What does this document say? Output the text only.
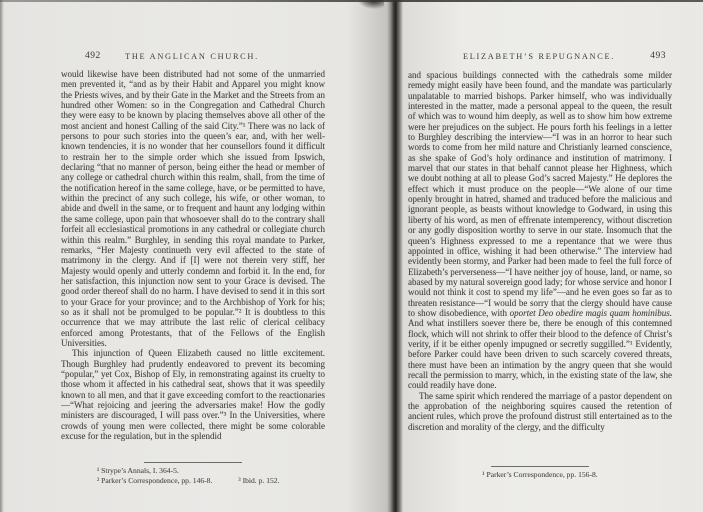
492	THE ANGLICAN CHURCH.

would likewise have been distributed had not some of the unmarried men prevented it, “and as by their Habit and Apparel you might know the Priests wives, and by their Gate in the Market and the Streets from an hundred other Women: so in the Congregation and Cathedral Church they were easy to be known by placing themselves above all other of the most ancient and honest Calling of the said City.”¹ There was no lack of persons to pour such stories into the queen’s ear, and, with her well-known tendencies, it is no wonder that her counsellors found it difficult to restrain her to the simple order which she issued from Ipswich, declaring “that no manner of person, being either the head or member of any college or cathedral church within this realm, shall, from the time of the notification hereof in the same college, have, or be permitted to have, within the precinct of any such college, his wife, or other woman, to abide and dwell in the same, or to frequent and haunt any lodging within the same college, upon pain that whosoever shall do to the contrary shall forfeit all ecclesiastical promotions in any cathedral or collegiate church within this realm.” Burghley, in sending this royal mandate to Parker, remarks, “Her Majesty continueth very evil affected to the state of matrimony in the clergy. And if [I] were not therein very stiff, her Majesty would openly and utterly condemn and forbid it. In the end, for her satisfaction, this injunction now sent to your Grace is devised. The good order thereof shall do no harm. I have devised to send it in this sort to your Grace for your province; and to the Archbishop of York for his; so as it shall not be promulged to be popular.”² It is doubtless to this occurrence that we may attribute the last relic of clerical celibacy enforced among Protestants, that of the Fellows of the English Universities.

This injunction of Queen Elizabeth caused no little excitement. Though Burghley had prudently endeavored to prevent its becoming “popular,” yet Cox, Bishop of Ely, in remonstrating against its cruelty to those whom it affected in his cathedral seat, shows that it was speedily known to all men, and that it gave exceeding comfort to the reactionaries—“What rejoicing and jeering the adversaries make! How the godly ministers are discouraged, I will pass over.”³ In the Universities, where crowds of young men were collected, there might be some colorable excuse for the regulation, but in the splendid

¹ Strype’s Annals, I. 364-5.
² Parker’s Correspondence, pp. 146-8.	³ Ibid. p. 152.
ELIZABETH’S REPUGNANCE.	493

and spacious buildings connected with the cathedrals some milder remedy might easily have been found, and the mandate was particularly unpalatable to married bishops. Parker himself, who was individually interested in the matter, made a personal appeal to the queen, the result of which was to wound him deeply, as well as to show him how extreme were her prejudices on the subject. He pours forth his feelings in a letter to Burghley describing the interview—“I was in an horror to hear such words to come from her mild nature and Christianly learned conscience, as she spake of God’s holy ordinance and institution of matrimony. I marvel that our states in that behalf cannot please her Highness, which we doubt nothing at all to please God’s sacred Majesty.” He deplores the effect which it must produce on the people—“We alone of our time openly brought in hatred, shamed and traduced before the malicious and ignorant people, as beasts without knowledge to Godward, in using this liberty of his word, as men of effrenate intemperency, without discretion or any godly disposition worthy to serve in our state. Insomuch that the queen’s Highness expressed to me a repentance that we were thus appointed in office, wishing it had been otherwise.” The interview had evidently been stormy, and Parker had been made to feel the full force of Elizabeth’s perverseness—“I have neither joy of house, land, or name, so abased by my natural sovereign good lady; for whose service and honor I would not think it cost to spend my life”—and he even goes so far as to threaten resistance—“I would be sorry that the clergy should have cause to show disobedience, with oportet Deo obedire magis quam hominibus. And what instillers soever there be, there be enough of this contemned flock, which will not shrink to offer their blood to the defence of Christ’s verity, if it be either openly impugned or secretly suggilled.”¹ Evidently, before Parker could have been driven to such scarcely covered threats, there must have been an intimation by the angry queen that she would recall the permission to marry, which, in the existing state of the law, she could readily have done.

The same spirit which rendered the marriage of a pastor dependent on the approbation of the neighboring squires caused the retention of ancient rules, which prove the profound distrust still entertained as to the discretion and morality of the clergy, and the difficulty

¹ Parker’s Correspondence, pp. 156-8.
